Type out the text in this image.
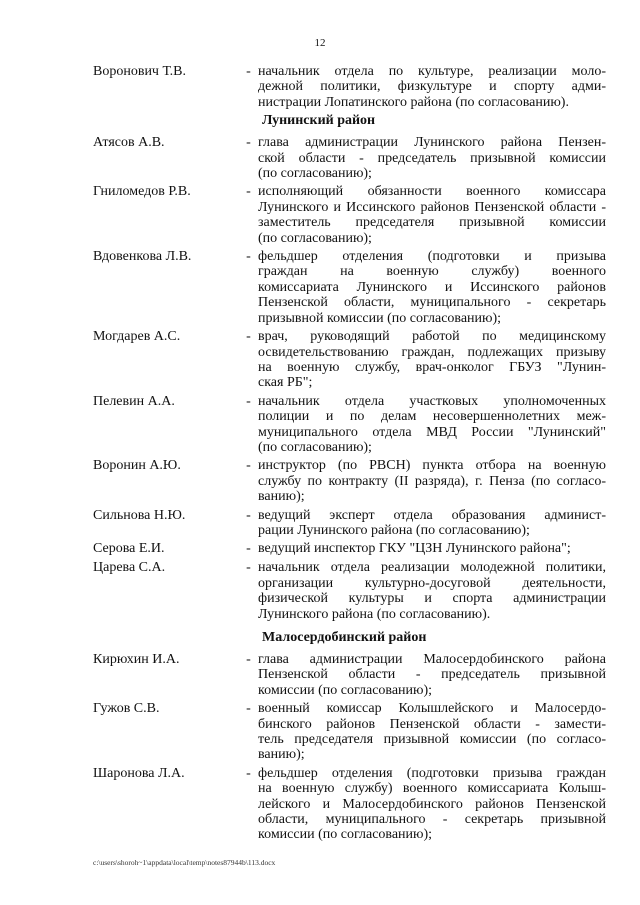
12
Воронович Т.В.	- начальник отдела по культуре, реализации моло-
дежной политики, физкультуре и спорту адми-
нистрации Лопатинского района (по согласованию).
Лунинский район
Атясов А.В.	- глава администрации Лунинского района Пензен-
ской области - председатель призывной комиссии
(по согласованию);
Гниломедов Р.В.	- исполняющий обязанности военного комиссара
Лунинского и Иссинского районов Пензенской области -
заместитель председателя призывной комиссии
(по согласованию);
Вдовенкова Л.В.	- фельдшер отделения (подготовки и призыва
граждан на военную службу) военного
комиссариата Лунинского и Иссинского районов
Пензенской области, муниципального - секретарь
призывной комиссии (по согласованию);
Могдарев А.С.	- врач, руководящий работой по медицинскому
освидетельствованию граждан, подлежащих призыву
на военную службу, врач-онколог ГБУЗ "Лунин-
ская РБ";
Пелевин А.А.	- начальник отдела участковых уполномоченных
полиции и по делам несовершеннолетних меж-
муниципального отдела МВД России "Лунинский"
(по согласованию);
Воронин А.Ю.	- инструктор (по РВСН) пункта отбора на военную
службу по контракту (II разряда), г. Пенза (по согласо-
ванию);
Сильнова Н.Ю.	- ведущий эксперт отдела образования админист-
рации Лунинского района (по согласованию);
Серова Е.И.	- ведущий инспектор ГКУ "ЦЗН Лунинского района";
Царева С.А.	- начальник отдела реализации молодежной политики,
организации культурно-досуговой деятельности,
физической культуры и спорта администрации
Лунинского района (по согласованию).
Малосердобинский район
Кирюхин И.А.	- глава администрации Малосердобинского района
Пензенской области - председатель призывной
комиссии (по согласованию);
Гужов С.В.	- военный комиссар Колышлейского и Малосердо-
бинского районов Пензенской области - замести-
тель председателя призывной комиссии (по согласо-
ванию);
Шаронова Л.А.	- фельдшер отделения (подготовки призыва граждан
на военную службу) военного комиссариата Колыш-
лейского и Малосердобинского районов Пензенской
области, муниципального - секретарь призывной
комиссии (по согласованию);
c:\users\shoroh~1\appdata\local\temp\notes87944b\113.docx
